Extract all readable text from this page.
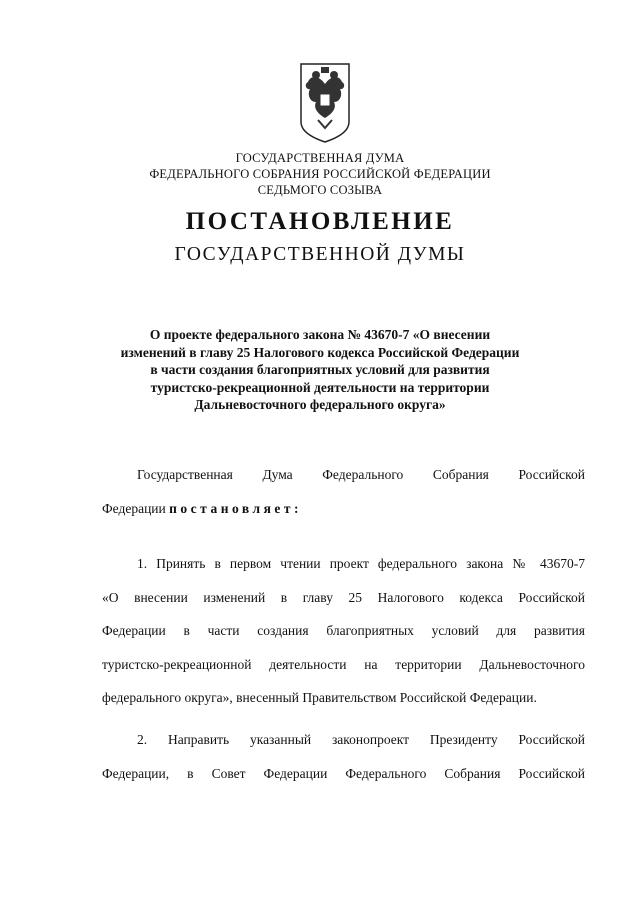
ГОСУДАРСТВЕННАЯ ДУМА
ФЕДЕРАЛЬНОГО СОБРАНИЯ РОССИЙСКОЙ ФЕДЕРАЦИИ
СЕДЬМОГО СОЗЫВА
ПОСТАНОВЛЕНИЕ
ГОСУДАРСТВЕННОЙ ДУМЫ
О проекте федерального закона № 43670-7 «О внесении
изменений в главу 25 Налогового кодекса Российской Федерации
в части создания благоприятных условий для развития
туристско-рекреационной деятельности на территории
Дальневосточного федерального округа»
Государственная Дума Федерального Собрания Российской
Федерации постановляет:
1. Принять в первом чтении проект федерального закона № 43670-7
«О внесении изменений в главу 25 Налогового кодекса Российской
Федерации в части создания благоприятных условий для развития
туристско-рекреационной деятельности на территории Дальневосточного
федерального округа», внесенный Правительством Российской Федерации.
2. Направить указанный законопроект Президенту Российской
Федерации, в Совет Федерации Федерального Собрания Российской
